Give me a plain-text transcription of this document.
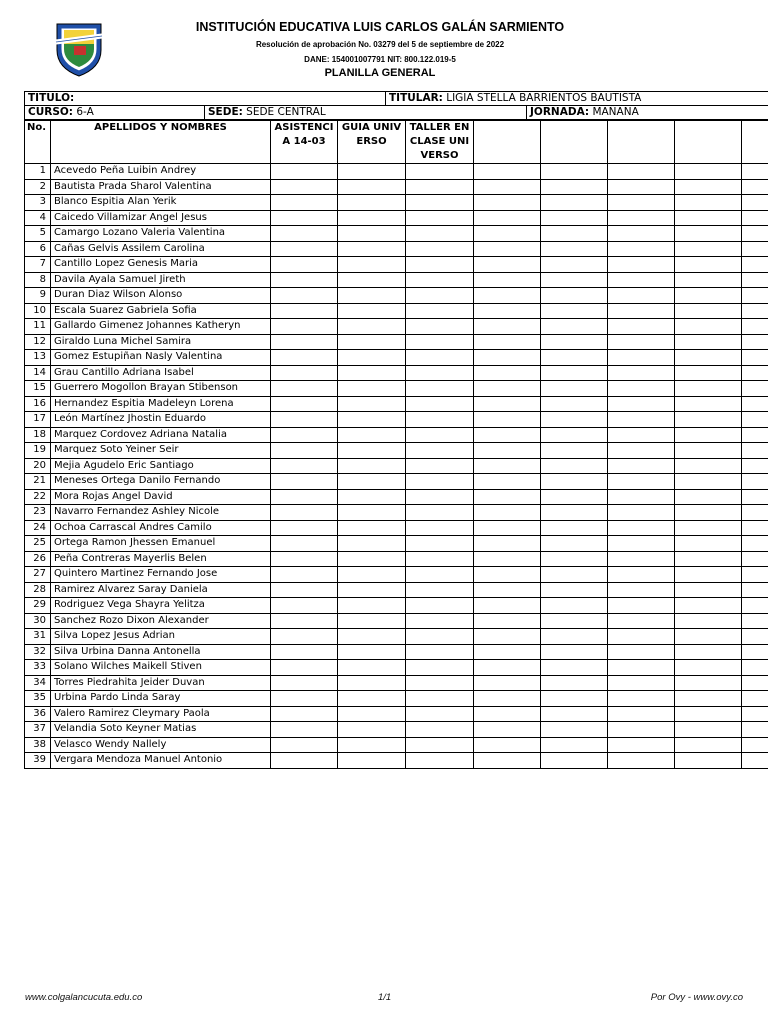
INSTITUCIÓN EDUCATIVA LUIS CARLOS GALÁN SARMIENTO
Resolución de aprobación No. 03279 del 5 de septiembre de 2022
DANE: 154001007791 NIT: 800.122.019-5
PLANILLA GENERAL
TITULO:		TITULAR: LIGIA STELLA BARRIENTOS BAUTISTA	
CURSO: 6-A	SEDE: SEDE CENTRAL		JORNADA: MAÑANA
No.	APELLIDOS Y NOMBRES	ASISTENCIA 14-03	GUIA UNIVERSO	TALLER EN CLASE UNIVERSO					
1	Acevedo Peña Luibin Andrey								
2	Bautista Prada Sharol Valentina								
3	Blanco Espitia Alan Yerik								
4	Caicedo Villamizar Angel Jesus								
5	Camargo Lozano Valeria Valentina								
6	Cañas Gelvis Assilem Carolina								
7	Cantillo Lopez Genesis Maria								
8	Davila Ayala Samuel Jireth								
9	Duran Diaz Wilson Alonso								
10	Escala Suarez Gabriela Sofia								
11	Gallardo Gimenez Johannes Katheryn								
12	Giraldo Luna Michel Samira								
13	Gomez Estupiñan Nasly Valentina								
14	Grau Cantillo Adriana Isabel								
15	Guerrero Mogollon Brayan Stibenson								
16	Hernandez Espitia Madeleyn Lorena								
17	León Martínez Jhostin Eduardo								
18	Marquez Cordovez Adriana Natalia								
19	Marquez Soto Yeiner Seir								
20	Mejia Agudelo Eric Santiago								
21	Meneses Ortega Danilo Fernando								
22	Mora Rojas Angel David								
23	Navarro Fernandez Ashley Nicole								
24	Ochoa Carrascal Andres Camilo								
25	Ortega Ramon Jhessen Emanuel								
26	Peña Contreras Mayerlis Belen								
27	Quintero Martinez Fernando Jose								
28	Ramirez Alvarez Saray Daniela								
29	Rodriguez Vega Shayra Yelitza								
30	Sanchez Rozo Dixon Alexander								
31	Silva Lopez Jesus Adrian								
32	Silva Urbina Danna Antonella								
33	Solano Wilches Maikell Stiven								
34	Torres Piedrahita Jeider Duvan								
35	Urbina Pardo Linda Saray								
36	Valero Ramirez Cleymary Paola								
37	Velandia Soto Keyner Matias								
38	Velasco Wendy Nallely								
39	Vergara Mendoza Manuel Antonio								
www.colgalancucuta.edu.co	1/1	Por Ovy - www.ovy.co
